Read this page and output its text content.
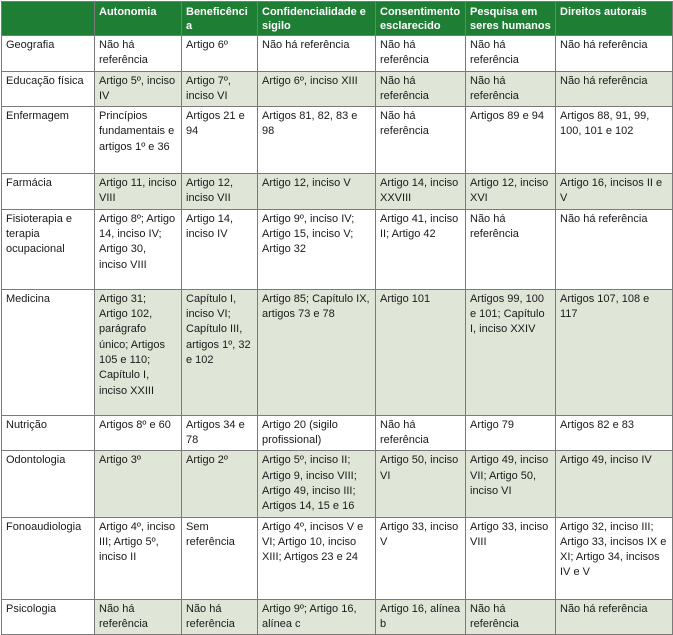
	Autonomia	Beneficência	Confidencialidade e sigilo	Consentimento esclarecido	Pesquisa em seres humanos	Direitos autorais
Geografia	Não há referência	Artigo 6º	Não há referência	Não há referência	Não há referência	Não há referência
Educação física	Artigo 5º, inciso IV	Artigo 7º, inciso VI	Artigo 6º, inciso XIII	Não há referência	Não há referência	Não há referência
Enfermagem	Princípios fundamentais e artigos 1º e 36	Artigos 21 e 94	Artigos 81, 82, 83 e 98	Não há referência	Artigos 89 e 94	Artigos 88, 91, 99, 100, 101 e 102
Farmácia	Artigo 11, inciso VIII	Artigo 12, inciso VII	Artigo 12, inciso V	Artigo 14, inciso XXVIII	Artigo 12, inciso XVI	Artigo 16, incisos II e V
Fisioterapia e terapia ocupacional	Artigo 8º; Artigo 14, inciso IV; Artigo 30, inciso VIII	Artigo 14, inciso IV	Artigo 9º, inciso IV; Artigo 15, inciso V; Artigo 32	Artigo 41, inciso II; Artigo 42	Não há referência	Não há referência
Medicina	Artigo 31; Artigo 102, parágrafo único; Artigos 105 e 110; Capítulo I, inciso XXIII	Capítulo I, inciso VI; Capítulo III, artigos 1º, 32 e 102	Artigo 85; Capítulo IX, artigos 73 e 78	Artigo 101	Artigos 99, 100 e 101; Capítulo I, inciso XXIV	Artigos 107, 108 e 117
Nutrição	Artigos 8º e 60	Artigos 34 e 78	Artigo 20 (sigilo profissional)	Não há referência	Artigo 79	Artigos 82 e 83
Odontologia	Artigo 3º	Artigo 2º	Artigo 5º, inciso II; Artigo 9, inciso VIII; Artigo 49, inciso III; Artigos 14, 15 e 16	Artigo 50, inciso VI	Artigo 49, inciso VII; Artigo 50, inciso VI	Artigo 49, inciso IV
Fonoaudiologia	Artigo 4º, inciso III; Artigo 5º, inciso II	Sem referência	Artigo 4º, incisos V e VI; Artigo 10, inciso XIII; Artigos 23 e 24	Artigo 33, inciso V	Artigo 33, inciso VIII	Artigo 32, inciso III; Artigo 33, incisos IX e XI; Artigo 34, incisos IV e V
Psicologia	Não há referência	Não há referência	Artigo 9º; Artigo 16, alínea c	Artigo 16, alínea b	Não há referência	Não há referência
